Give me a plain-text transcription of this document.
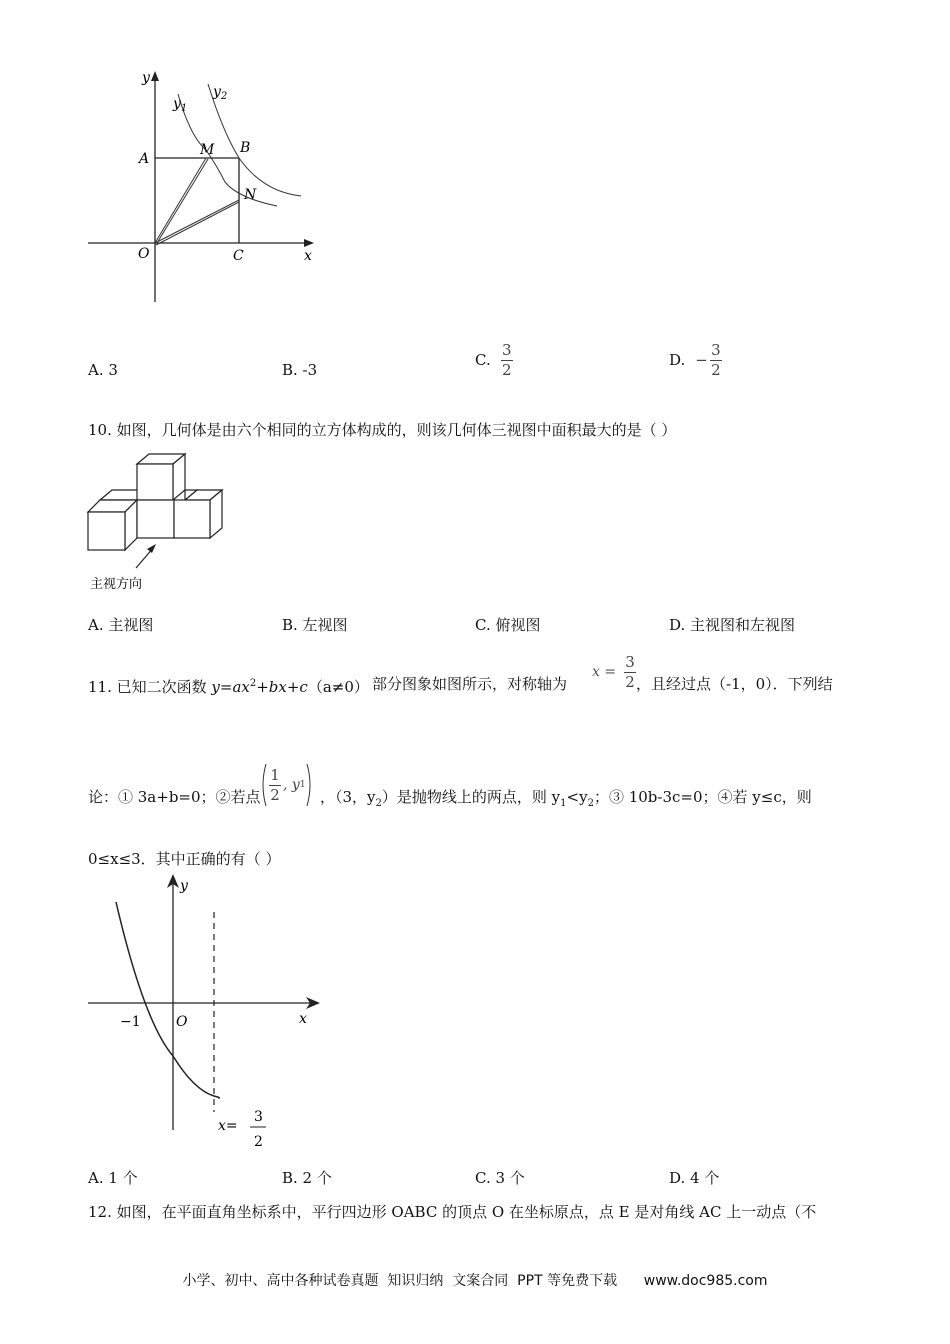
y
x
O
$y_1$
$y_2$
A
M B
N
C
A. 3	B. -3
C. $\frac{3}{2}$	D. − $\frac{3}{2}$
10. 如图，几何体是由六个相同的立方体构成的，则该几何体三视图中面积最大的是（ ）
主视方向
A. 主视图	B. 左视图	C. 俯视图	D. 主视图和左视图
11. 已知二次函数 $y=ax^2+bx+c(a\ne 0)$ 部分图象如图所示，对称轴为
$x = \frac{3}{2}$ ，且经过点（-1，0）．下列结
论：① 3a+b=0；②若点 $\frac{1}{2}$ , y 1
，（3，$y_2$）是抛物线上的两点，则 $y_1<y_2$；③ 10b-3c=0；④若 y≤c，则
0≤x≤3．其中正确的有（ ）
y
x
O
−1
x=
3
2
A. 1 个	B. 2 个	C. 3 个	D. 4 个
12. 如图，在平面直角坐标系中，平行四边形 OABC 的顶点 O 在坐标原点，点 E 是对角线 AC 上一动点（不
小学、初中、高中各种试卷真题  知识归纳  文案合同  PPT 等免费下载      www.doc985.com
